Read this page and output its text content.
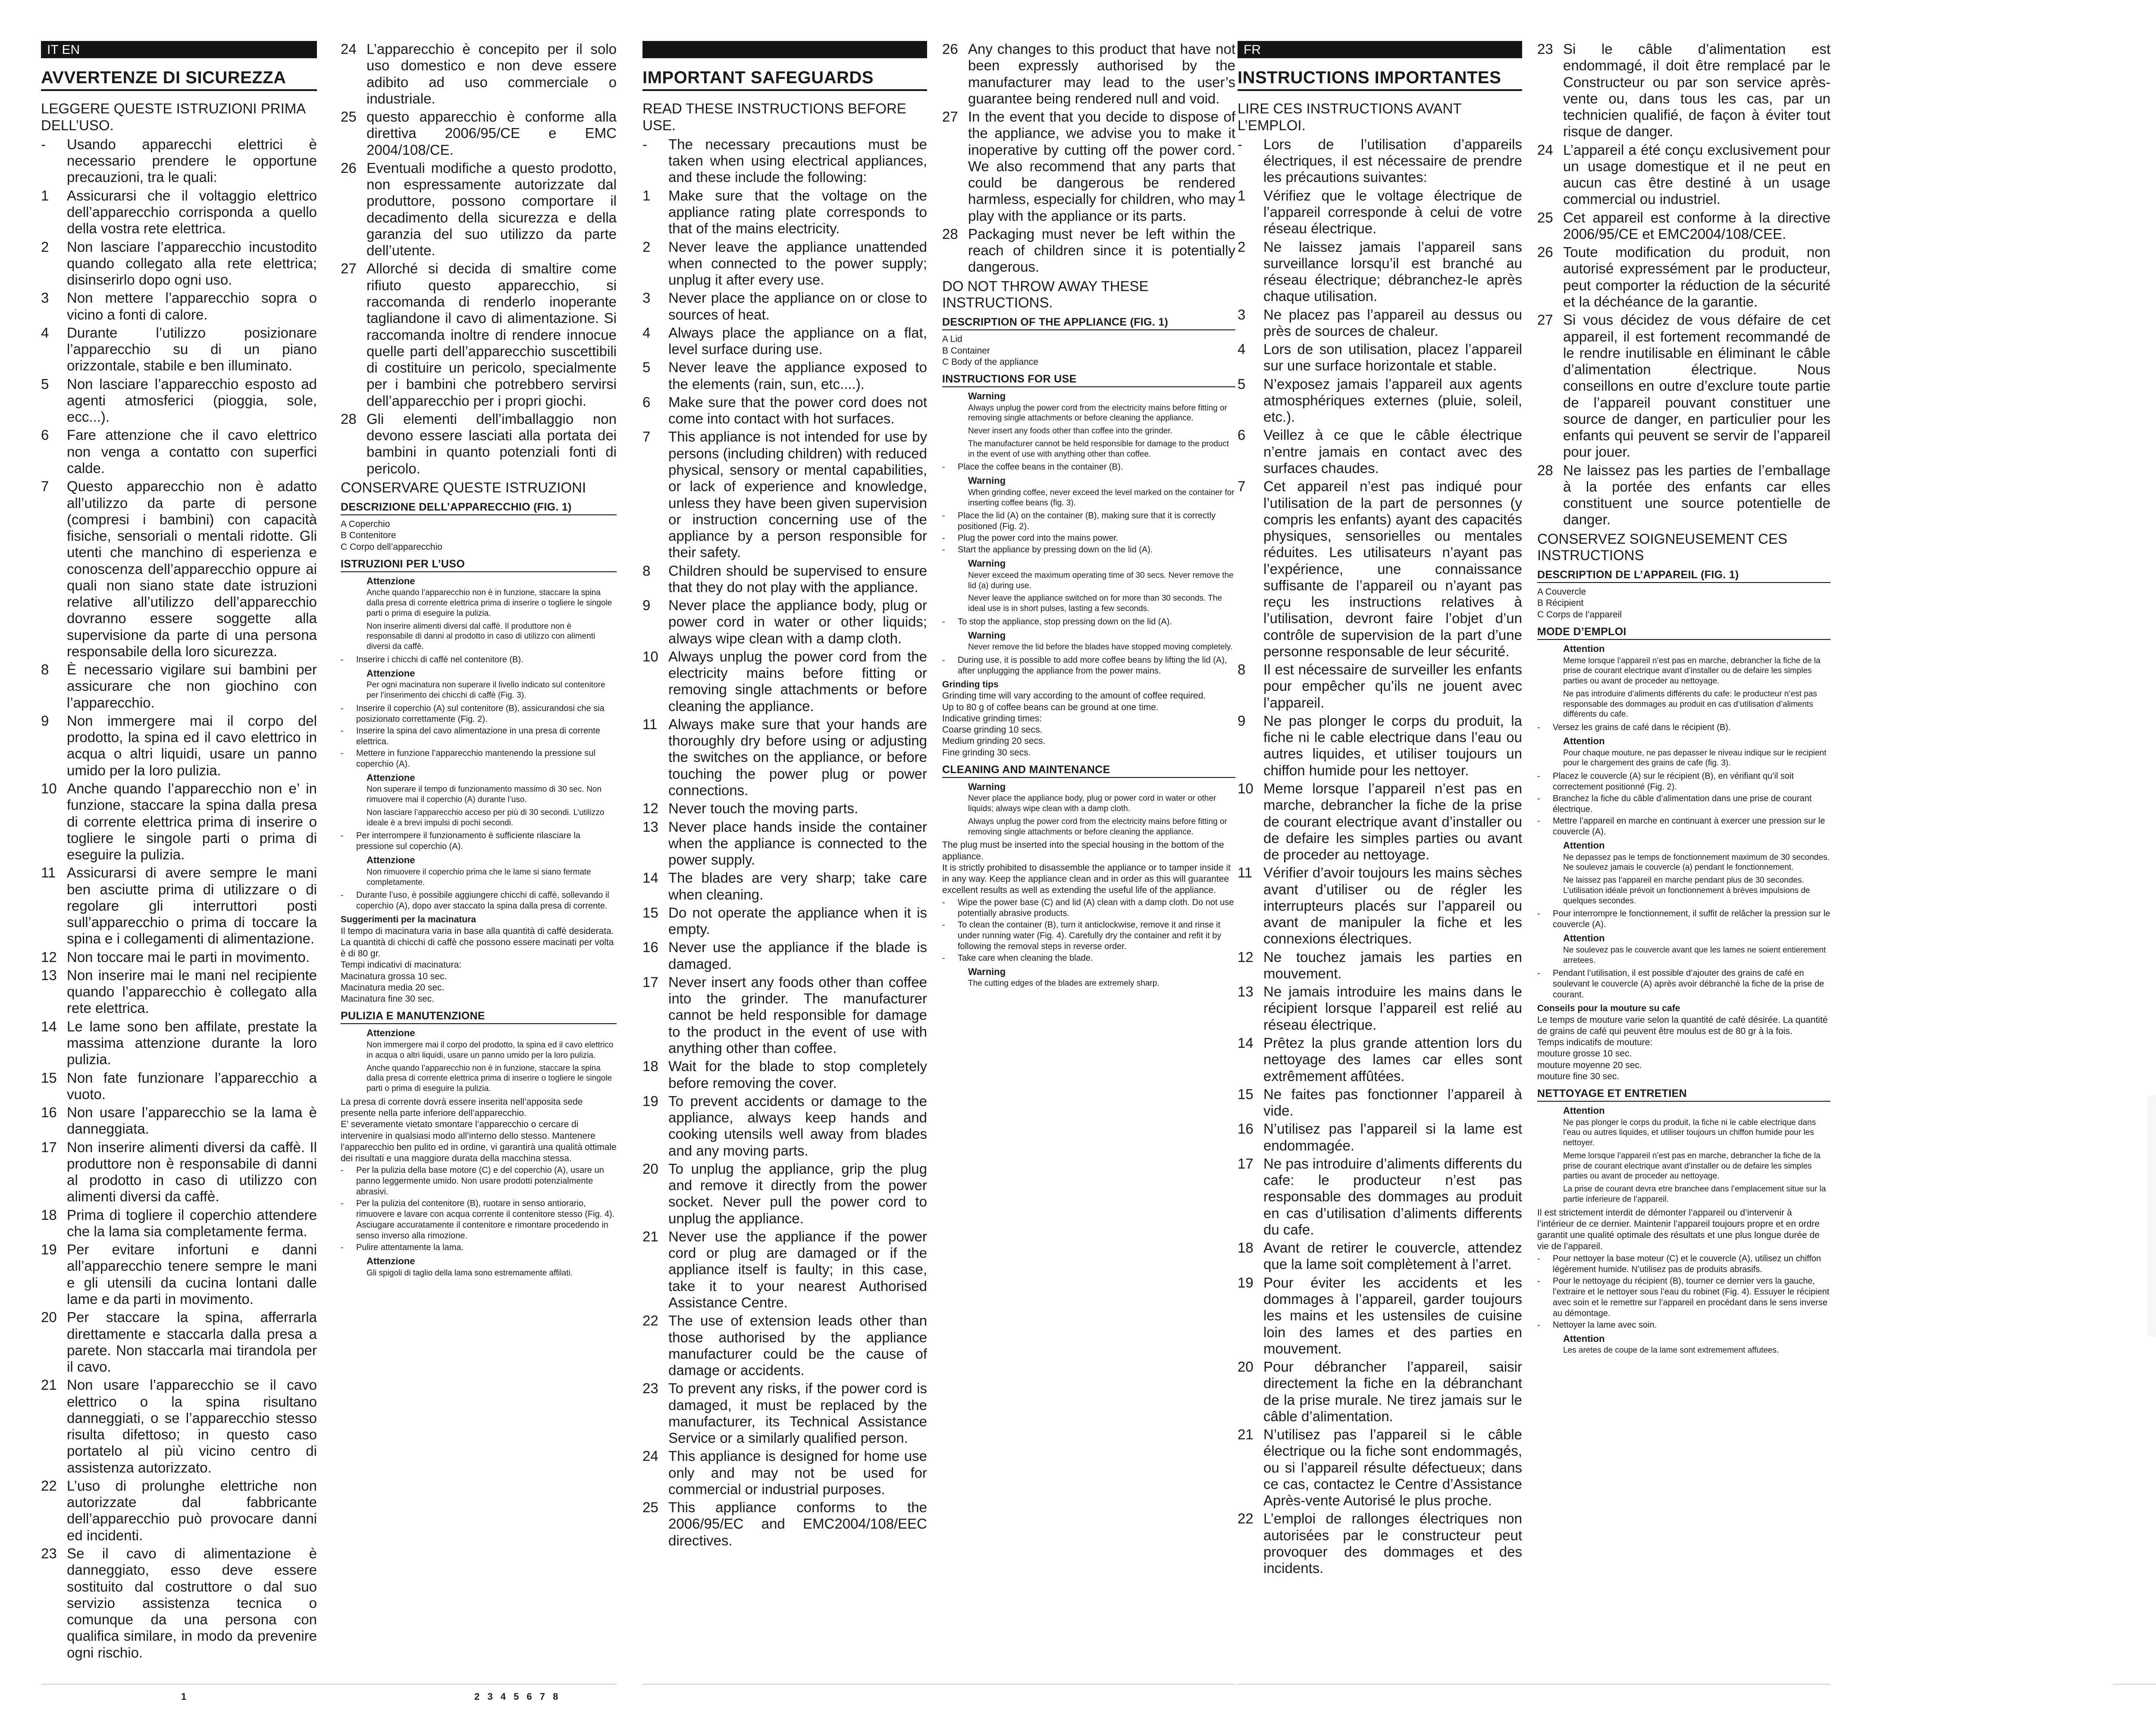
IT EN
AVVERTENZE DI SICUREZZA

LEGGERE QUESTE ISTRUZIONI PRIMA DELL’USO.

-	Usando apparecchi elettrici è necessario prendere le opportune precauzioni, tra le quali:
1	Assicurarsi che il voltaggio elettrico dell’apparecchio corrisponda a quello della vostra rete elettrica.
2	Non lasciare l’apparecchio incustodito quando collegato alla rete elettrica; disinserirlo dopo ogni uso.
3	Non mettere l’apparecchio sopra o vicino a fonti di calore.
4	Durante l’utilizzo posizionare l’apparecchio su di un piano orizzontale, stabile e ben illuminato.
5	Non lasciare l’apparecchio esposto ad agenti atmosferici (pioggia, sole, ecc...).
6	Fare attenzione che il cavo elettrico non venga a contatto con superfici calde.
7	Questo apparecchio non è adatto all’utilizzo da parte di persone (compresi i bambini) con capacità fisiche, sensoriali o mentali ridotte. Gli utenti che manchino di esperienza e conoscenza dell’apparecchio oppure ai quali non siano state date istruzioni relative all’utilizzo dell’apparecchio dovranno essere soggette alla supervisione da parte di una persona responsabile della loro sicurezza.
8	È necessario vigilare sui bambini per assicurare che non giochino con l’apparecchio.
9	Non immergere mai il corpo del prodotto, la spina ed il cavo elettrico in acqua o altri liquidi, usare un panno umido per la loro pulizia.
10 Anche quando l’apparecchio non e’ in funzione, staccare la spina dalla presa di corrente elettrica prima di inserire o togliere le singole parti o prima di eseguire la pulizia.
11 Assicurarsi di avere sempre le mani ben asciutte prima di utilizzare o di regolare gli interruttori posti sull’apparecchio o prima di toccare la spina e i collegamenti di alimentazione.
12 Non toccare mai le parti in movimento.
13 Non inserire mai le mani nel recipiente quando l’apparecchio è collegato alla rete elettrica.
14 Le lame sono ben affilate, prestate la massima attenzione durante la loro pulizia.
15 Non fate funzionare l’apparecchio a vuoto.
16 Non usare l’apparecchio se la lama è danneggiata.
17 Non inserire alimenti diversi da caffè. Il produttore non è responsabile di danni al prodotto in caso di utilizzo con alimenti diversi da caffè.
18 Prima di togliere il coperchio attendere che la lama sia completamente ferma.
19 Per evitare infortuni e danni all’apparecchio tenere sempre le mani e gli utensili da cucina lontani dalle lame e da parti in movimento.
20 Per staccare la spina, afferrarla direttamente e staccarla dalla presa a parete. Non staccarla mai tirandola per il cavo.
21 Non usare l’apparecchio se il cavo elettrico o la spina risultano danneggiati, o se l’apparecchio stesso risulta difettoso; in questo caso portatelo al più vicino centro di assistenza autorizzato.
22 L’uso di prolunghe elettriche non autorizzate dal fabbricante dell’apparecchio può provocare danni ed incidenti.
23 Se il cavo di alimentazione è danneggiato, esso deve essere sostituito dal costruttore o dal suo servizio assistenza tecnica o comunque da una persona con qualifica similare, in modo da prevenire ogni rischio.
24 L’apparecchio è concepito per il solo uso domestico e non deve essere adibito ad uso commerciale o industriale.
25 questo apparecchio è conforme alla direttiva 2006/95/CE e EMC 2004/108/CE.
26 Eventuali modifiche a questo prodotto, non espressamente autorizzate dal produttore, possono comportare il decadimento della sicurezza e della garanzia del suo utilizzo da parte dell’utente.
27 Allorché si decida di smaltire come rifiuto questo apparecchio, si raccomanda di renderlo inoperante tagliandone il cavo di alimentazione. Si raccomanda inoltre di rendere innocue quelle parti dell’apparecchio suscettibili di costituire un pericolo, specialmente per i bambini che potrebbero servirsi dell’apparecchio per i propri giochi.
28 Gli elementi dell’imballaggio non devono essere lasciati alla portata dei bambini in quanto potenziali fonti di pericolo.

CONSERVARE QUESTE ISTRUZIONI

DESCRIZIONE DELL’APPARECCHIO (FIG. 1)
A Coperchio
B Contenitore
C Corpo dell’apparecchio
ISTRUZIONI PER L’USO
Attenzione
Anche quando l’apparecchio non è in funzione, staccare la spina dalla presa di corrente elettrica prima di inserire o togliere le singole parti o prima di eseguire la pulizia.
Non inserire alimenti diversi dal caffè. Il produttore non è responsabile di danni al prodotto in caso di utilizzo con alimenti diversi da caffè.
-	Inserire i chicchi di caffè nel contenitore (B).
Attenzione
Per ogni macinatura non superare il livello indicato sul contenitore per l’inserimento dei chicchi di caffè (Fig. 3).
-	Inserire il coperchio (A) sul contenitore (B), assicurandosi che sia posizionato correttamente (Fig. 2).
-	Inserire la spina del cavo alimentazione in una presa di corrente elettrica.
-	Mettere in funzione l’apparecchio mantenendo la pressione sul coperchio (A).
Attenzione
Non superare il tempo di funzionamento massimo di 30 sec. Non rimuovere mai il coperchio (A) durante l’uso.
Non lasciare l’apparecchio acceso per più di 30 secondi. L’utilizzo ideale è a brevi impulsi di pochi secondi.
-	Per interrompere il funzionamento è sufficiente rilasciare la pressione sul coperchio (A).
Attenzione
Non rimuovere il coperchio prima che le lame si siano fermate completamente.
-	Durante l’uso, è possibile aggiungere chicchi di caffè, sollevando il coperchio (A), dopo aver staccato la spina dalla presa di corrente.
Suggerimenti per la macinatura
Il tempo di macinatura varia in base alla quantità di caffè desiderata.
La quantità di chicchi di caffè che possono essere macinati per volta è di 80 gr.
Tempi indicativi di macinatura:
Macinatura grossa 10 sec.
Macinatura media 20 sec.
Macinatura fine 30 sec.
PULIZIA E MANUTENZIONE
Attenzione
Non immergere mai il corpo del prodotto, la spina ed il cavo elettrico in acqua o altri liquidi, usare un panno umido per la loro pulizia.
Anche quando l’apparecchio non è in funzione, staccare la spina dalla presa di corrente elettrica prima di inserire o togliere le singole parti o prima di eseguire la pulizia.
La presa di corrente dovrà essere inserita nell’apposita sede presente nella parte inferiore dell’apparecchio.
E’ severamente vietato smontare l’apparecchio o cercare di intervenire in qualsiasi modo all’interno dello stesso. Mantenere l’apparecchio ben pulito ed in ordine, vi garantirà una qualità ottimale dei risultati e una maggiore durata della macchina stessa.
-	Per la pulizia della base motore (C) e del coperchio (A), usare un panno leggermente umido. Non usare prodotti potenzialmente abrasivi.
-	Per la pulizia del contenitore (B), ruotare in senso antiorario, rimuovere e lavare con acqua corrente il contenitore stesso (Fig. 4). Asciugare accuratamente il contenitore e rimontare procedendo in senso inverso alla rimozione.
-	Pulire attentamente la lama.
Attenzione
Gli spigoli di taglio della lama sono estremamente affilati.
IMPORTANT SAFEGUARDS

READ THESE INSTRUCTIONS BEFORE USE.

-	The necessary precautions must be taken when using electrical appliances, and these include the following:
1	Make sure that the voltage on the appliance rating plate corresponds to that of the mains electricity.
2	Never leave the appliance unattended when connected to the power supply; unplug it after every use.
3	Never place the appliance on or close to sources of heat.
4	Always place the appliance on a flat, level surface during use.
5	Never leave the appliance exposed to the elements (rain, sun, etc....).
6	Make sure that the power cord does not come into contact with hot surfaces.
7	This appliance is not intended for use by persons (including children) with reduced physical, sensory or mental capabilities, or lack of experience and knowledge, unless they have been given supervision or instruction concerning use of the appliance by a person responsible for their safety.
8	Children should be supervised to ensure that they do not play with the appliance.
9	Never place the appliance body, plug or power cord in water or other liquids; always wipe clean with a damp cloth.
10 Always unplug the power cord from the electricity mains before fitting or removing single attachments or before cleaning the appliance.
11 Always make sure that your hands are thoroughly dry before using or adjusting the switches on the appliance, or before touching the power plug or power connections.
12 Never touch the moving parts.
13 Never place hands inside the container when the appliance is connected to the power supply.
14 The blades are very sharp; take care when cleaning.
15 Do not operate the appliance when it is empty.
16 Never use the appliance if the blade is damaged.
17 Never insert any foods other than coffee into the grinder. The manufacturer cannot be held responsible for damage to the product in the event of use with anything other than coffee.
18 Wait for the blade to stop completely before removing the cover.
19 To prevent accidents or damage to the appliance, always keep hands and cooking utensils well away from blades and any moving parts.
20 To unplug the appliance, grip the plug and remove it directly from the power socket. Never pull the power cord to unplug the appliance.
21 Never use the appliance if the power cord or plug are damaged or if the appliance itself is faulty; in this case, take it to your nearest Authorised Assistance Centre.
22 The use of extension leads other than those authorised by the appliance manufacturer could be the cause of damage or accidents.
23 To prevent any risks, if the power cord is damaged, it must be replaced by the manufacturer, its Technical Assistance Service or a similarly qualified person.
24 This appliance is designed for home use only and may not be used for commercial or industrial purposes.
25 This appliance conforms to the 2006/95/EC and EMC2004/108/EEC directives.
26 Any changes to this product that have not been expressly authorised by the manufacturer may lead to the user’s guarantee being rendered null and void.
27 In the event that you decide to dispose of the appliance, we advise you to make it inoperative by cutting off the power cord. We also recommend that any parts that could be dangerous be rendered harmless, especially for children, who may play with the appliance or its parts.
28 Packaging must never be left within the reach of children since it is potentially dangerous.

DO NOT THROW AWAY THESE INSTRUCTIONS.

DESCRIPTION OF THE APPLIANCE (FIG. 1)
A Lid
B Container
C Body of the appliance
INSTRUCTIONS FOR USE
Warning
Always unplug the power cord from the electricity mains before fitting or removing single attachments or before cleaning the appliance.
Never insert any foods other than coffee into the grinder.
The manufacturer cannot be held responsible for damage to the product in the event of use with anything other than coffee.
-	Place the coffee beans in the container (B).
Warning
When grinding coffee, never exceed the level marked on the container for inserting coffee beans (fig. 3).
-	Place the lid (A) on the container (B), making sure that it is correctly positioned (Fig. 2).
-	Plug the power cord into the mains power.
-	Start the appliance by pressing down on the lid (A).
Warning
Never exceed the maximum operating time of 30 secs. Never remove the lid (a) during use.
Never leave the appliance switched on for more than 30 seconds. The ideal use is in short pulses, lasting a few seconds.
-	To stop the appliance, stop pressing down on the lid (A).
Warning
Never remove the lid before the blades have stopped moving completely.
-	During use, it is possible to add more coffee beans by lifting the lid (A), after unplugging the appliance from the power mains.
Grinding tips
Grinding time will vary according to the amount of coffee required.
Up to 80 g of coffee beans can be ground at one time.
Indicative grinding times:
Coarse grinding 10 secs.
Medium grinding 20 secs.
Fine grinding 30 secs.
CLEANING AND MAINTENANCE
Warning
Never place the appliance body, plug or power cord in water or other liquids; always wipe clean with a damp cloth.
Always unplug the power cord from the electricity mains before fitting or removing single attachments or before cleaning the appliance.
The plug must be inserted into the special housing in the bottom of the appliance.
It is strictly prohibited to disassemble the appliance or to tamper inside it in any way. Keep the appliance clean and in order as this will guarantee excellent results as well as extending the useful life of the appliance.
-	Wipe the power base (C) and lid (A) clean with a damp cloth. Do not use potentially abrasive products.
-	To clean the container (B), turn it anticlockwise, remove it and rinse it under running water (Fig. 4). Carefully dry the container and refit it by following the removal steps in reverse order.
-	Take care when cleaning the blade.
Warning
The cutting edges of the blades are extremely sharp.
FR
INSTRUCTIONS IMPORTANTES

LIRE CES INSTRUCTIONS AVANT L’EMPLOI.

-	Lors de l’utilisation d’appareils électriques, il est nécessaire de prendre les précautions suivantes:
1	Vérifiez que le voltage électrique de l’appareil corresponde à celui de votre réseau électrique.
2	Ne laissez jamais l’appareil sans surveillance lorsqu’il est branché au réseau électrique; débranchez-le après chaque utilisation.
3	Ne placez pas l’appareil au dessus ou près de sources de chaleur.
4	Lors de son utilisation, placez l’appareil sur une surface horizontale et stable.
5	N’exposez jamais l’appareil aux agents atmosphériques externes (pluie, soleil, etc.).
6	Veillez à ce que le câble électrique n’entre jamais en contact avec des surfaces chaudes.
7	Cet appareil n’est pas indiqué pour l’utilisation de la part de personnes (y compris les enfants) ayant des capacités physiques, sensorielles ou mentales réduites. Les utilisateurs n’ayant pas l’expérience, une connaissance suffisante de l’appareil ou n’ayant pas reçu les instructions relatives à l’utilisation, devront faire l’objet d’un contrôle de supervision de la part d’une personne responsable de leur sécurité.
8	Il est nécessaire de surveiller les enfants pour empêcher qu’ils ne jouent avec l’appareil.
9	Ne pas plonger le corps du produit, la fiche ni le cable electrique dans l’eau ou autres liquides, et utiliser toujours un chiffon humide pour les nettoyer.
10 Meme lorsque l’appareil n’est pas en marche, debrancher la fiche de la prise de courant electrique avant d’installer ou de defaire les simples parties ou avant de proceder au nettoyage.
11 Vérifier d’avoir toujours les mains sèches avant d’utiliser ou de régler les interrupteurs placés sur l’appareil ou avant de manipuler la fiche et les connexions électriques.
12 Ne touchez jamais les parties en mouvement.
13 Ne jamais introduire les mains dans le récipient lorsque l’appareil est relié au réseau électrique.
14 Prêtez la plus grande attention lors du nettoyage des lames car elles sont extrêmement affûtées.
15 Ne faites pas fonctionner l’appareil à vide.
16 N’utilisez pas l’appareil si la lame est endommagée.
17 Ne pas introduire d’aliments differents du cafe: le producteur n’est pas responsable des dommages au produit en cas d’utilisation d’aliments differents du cafe.
18 Avant de retirer le couvercle, attendez que la lame soit complètement à l’arret.
19 Pour éviter les accidents et les dommages à l’appareil, garder toujours les mains et les ustensiles de cuisine loin des lames et des parties en mouvement.
20 Pour débrancher l’appareil, saisir directement la fiche en la débranchant de la prise murale. Ne tirez jamais sur le câble d’alimentation.
21 N’utilisez pas l’appareil si le câble électrique ou la fiche sont endommagés, ou si l’appareil résulte défectueux; dans ce cas, contactez le Centre d’Assistance Après-vente Autorisé le plus proche.
22 L’emploi de rallonges électriques non autorisées par le constructeur peut provoquer des dommages et des incidents.
23 Si le câble d’alimentation est endommagé, il doit être remplacé par le Constructeur ou par son service après-vente ou, dans tous les cas, par un technicien qualifié, de façon à éviter tout risque de danger.
24 L’appareil a été conçu exclusivement pour un usage domestique et il ne peut en aucun cas être destiné à un usage commercial ou industriel.
25 Cet appareil est conforme à la directive 2006/95/CE et EMC2004/108/CEE.
26 Toute modification du produit, non autorisé expressément par le producteur, peut comporter la réduction de la sécurité et la déchéance de la garantie.
27 Si vous décidez de vous défaire de cet appareil, il est fortement recommandé de le rendre inutilisable en éliminant le câble d’alimentation électrique. Nous conseillons en outre d’exclure toute partie de l’appareil pouvant constituer une source de danger, en particulier pour les enfants qui peuvent se servir de l’appareil pour jouer.
28 Ne laissez pas les parties de l’emballage à la portée des enfants car elles constituent une source potentielle de danger.

CONSERVEZ SOIGNEUSEMENT CES INSTRUCTIONS

DESCRIPTION DE L’APPAREIL (FIG. 1)
A Couvercle
B Récipient
C Corps de l’appareil
MODE D’EMPLOI
Attention
Meme lorsque l’appareil n’est pas en marche, debrancher la fiche de la prise de courant electrique avant d’installer ou de defaire les simples parties ou avant de proceder au nettoyage.
Ne pas introduire d’aliments différents du cafe: le producteur n’est pas responsable des dommages au produit en cas d’utilisation d’aliments différents du cafe.
-	Versez les grains de café dans le récipient (B).
Attention
Pour chaque mouture, ne pas depasser le niveau indique sur le recipient pour le chargement des grains de cafe (fig. 3).
-	Placez le couvercle (A) sur le récipient (B), en vérifiant qu’il soit correctement positionné (Fig. 2).
-	Branchez la fiche du câble d’alimentation dans une prise de courant électrique.
-	Mettre l’appareil en marche en continuant à exercer une pression sur le couvercle (A).
Attention
Ne depassez pas le temps de fonctionnement maximum de 30 secondes. Ne soulevez jamais le couvercle (a) pendant le fonctionnement.
Ne laissez pas l’appareil en marche pendant plus de 30 secondes. L’utilisation idéale prévoit un fonctionnement à brèves impulsions de quelques secondes.
-	Pour interrompre le fonctionnement, il suffit de relâcher la pression sur le couvercle (A).
Attention
Ne soulevez pas le couvercle avant que les lames ne soient entierement arretees.
-	Pendant l’utilisation, il est possible d’ajouter des grains de café en soulevant le couvercle (A) après avoir débranché la fiche de la prise de courant.
Conseils pour la mouture su cafe
Le temps de mouture varie selon la quantité de café désirée. La quantité de grains de café qui peuvent être moulus est de 80 gr à la fois.
Temps indicatifs de mouture:
mouture grosse 10 sec.
mouture moyenne 20 sec.
mouture fine 30 sec.
NETTOYAGE ET ENTRETIEN
Attention
Ne pas plonger le corps du produit, la fiche ni le cable electrique dans l’eau ou autres liquides, et utiliser toujours un chiffon humide pour les nettoyer.
Meme lorsque l’appareil n’est pas en marche, debrancher la fiche de la prise de courant electrique avant d’installer ou de defaire les simples parties ou avant de proceder au nettoyage.
La prise de courant devra etre branchee dans l’emplacement situe sur la partie inferieure de l’appareil.
Il est strictement interdit de démonter l’appareil ou d’intervenir à l’intérieur de ce dernier. Maintenir l’appareil toujours propre et en ordre garantit une qualité optimale des résultats et une plus longue durée de vie de l’appareil.
-	Pour nettoyer la base moteur (C) et le couvercle (A), utilisez un chiffon légèrement humide. N’utilisez pas de produits abrasifs.
-	Pour le nettoyage du récipient (B), tourner ce dernier vers la gauche, l’extraire et le nettoyer sous l’eau du robinet (Fig. 4). Essuyer le récipient avec soin et le remettre sur l’appareil en procédant dans le sens inverse au démontage.
-	Nettoyer la lame avec soin.
Attention
Les aretes de coupe de la lame sont extremement affutees.
1	2 3 4 5 6 7 8
